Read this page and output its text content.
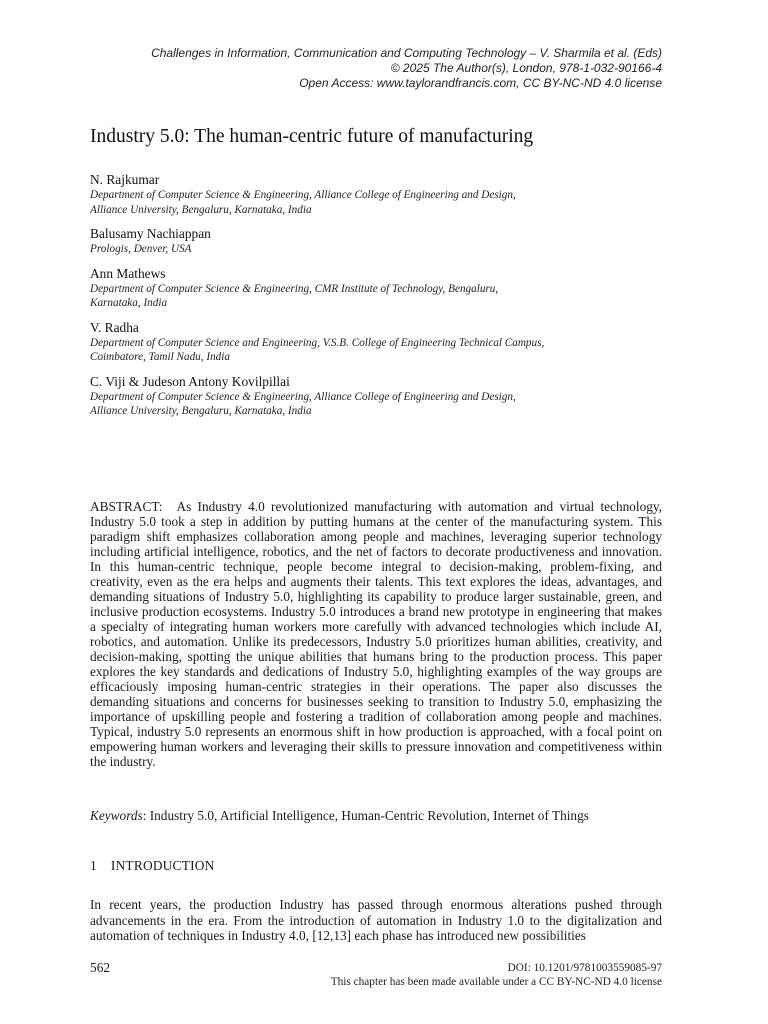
Challenges in Information, Communication and Computing Technology – V. Sharmila et al. (Eds)
© 2025 The Author(s), London, 978-1-032-90166-4
Open Access: www.taylorandfrancis.com, CC BY-NC-ND 4.0 license
Industry 5.0: The human-centric future of manufacturing
N. Rajkumar
Department of Computer Science & Engineering, Alliance College of Engineering and Design,
Alliance University, Bengaluru, Karnataka, India
Balusamy Nachiappan
Prologis, Denver, USA
Ann Mathews
Department of Computer Science & Engineering, CMR Institute of Technology, Bengaluru,
Karnataka, India
V. Radha
Department of Computer Science and Engineering, V.S.B. College of Engineering Technical Campus,
Coimbatore, Tamil Nadu, India
C. Viji & Judeson Antony Kovilpillai
Department of Computer Science & Engineering, Alliance College of Engineering and Design,
Alliance University, Bengaluru, Karnataka, India

ABSTRACT: As Industry 4.0 revolutionized manufacturing with automation and virtual technology, Industry 5.0 took a step in addition by putting humans at the center of the manufacturing system. This paradigm shift emphasizes collaboration among people and machines, leveraging superior technology including artificial intelligence, robotics, and the net of factors to decorate productiveness and innovation. In this human-centric technique, people become integral to decision-making, problem-fixing, and creativity, even as the era helps and augments their talents. This text explores the ideas, advantages, and demanding situations of Industry 5.0, highlighting its capability to produce larger sustainable, green, and inclusive production ecosystems. Industry 5.0 introduces a brand new prototype in engineering that makes a specialty of integrating human workers more carefully with advanced technologies which include AI, robotics, and automation. Unlike its predecessors, Industry 5.0 prioritizes human abilities, creativity, and decision-making, spotting the unique abilities that humans bring to the production process. This paper explores the key standards and dedications of Industry 5.0, highlighting examples of the way groups are efficaciously imposing human-centric strategies in their operations. The paper also discusses the demanding situations and concerns for businesses seeking to transition to Industry 5.0, emphasizing the importance of upskilling people and fostering a tradition of collaboration among people and machines. Typical, industry 5.0 represents an enormous shift in how production is approached, with a focal point on empowering human workers and leveraging their skills to pressure innovation and competitiveness within the industry.

Keywords: Industry 5.0, Artificial Intelligence, Human-Centric Revolution, Internet of Things

1 INTRODUCTION

In recent years, the production Industry has passed through enormous alterations pushed through advancements in the era. From the introduction of automation in Industry 1.0 to the digitalization and automation of techniques in Industry 4.0, [12,13] each phase has introduced new possibilities

562	DOI: 10.1201/9781003559085-97
This chapter has been made available under a CC BY-NC-ND 4.0 license
